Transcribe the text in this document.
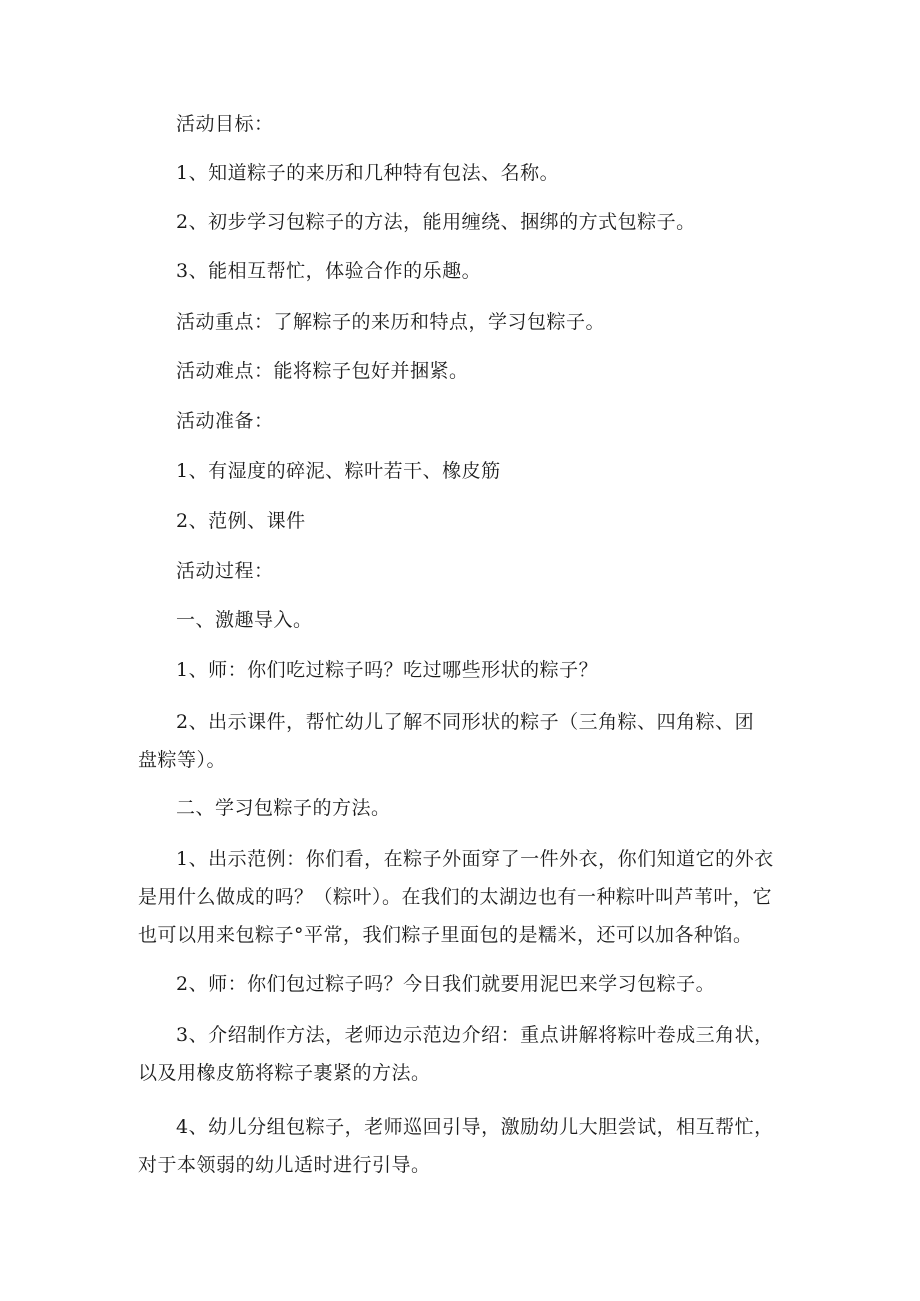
活动目标：
1、知道粽子的来历和几种特有包法、名称。
2、初步学习包粽子的方法，能用缠绕、捆绑的方式包粽子。
3、能相互帮忙，体验合作的乐趣。
活动重点：了解粽子的来历和特点，学习包粽子。
活动难点：能将粽子包好并捆紧。
活动准备：
1、有湿度的碎泥、粽叶若干、橡皮筋
2、范例、课件
活动过程：
一、激趣导入。
1、师：你们吃过粽子吗？吃过哪些形状的粽子？
2、出示课件，帮忙幼儿了解不同形状的粽子（三角粽、四角粽、团
盘粽等）。
二、学习包粽子的方法。
1、出示范例：你们看，在粽子外面穿了一件外衣，你们知道它的外衣
是用什么做成的吗？（粽叶）。在我们的太湖边也有一种粽叶叫芦苇叶，它
也可以用来包粽子°平常，我们粽子里面包的是糯米，还可以加各种馅。
2、师：你们包过粽子吗？今日我们就要用泥巴来学习包粽子。
3、介绍制作方法，老师边示范边介绍：重点讲解将粽叶卷成三角状，
以及用橡皮筋将粽子裹紧的方法。
4、幼儿分组包粽子，老师巡回引导，激励幼儿大胆尝试，相互帮忙，
对于本领弱的幼儿适时进行引导。
